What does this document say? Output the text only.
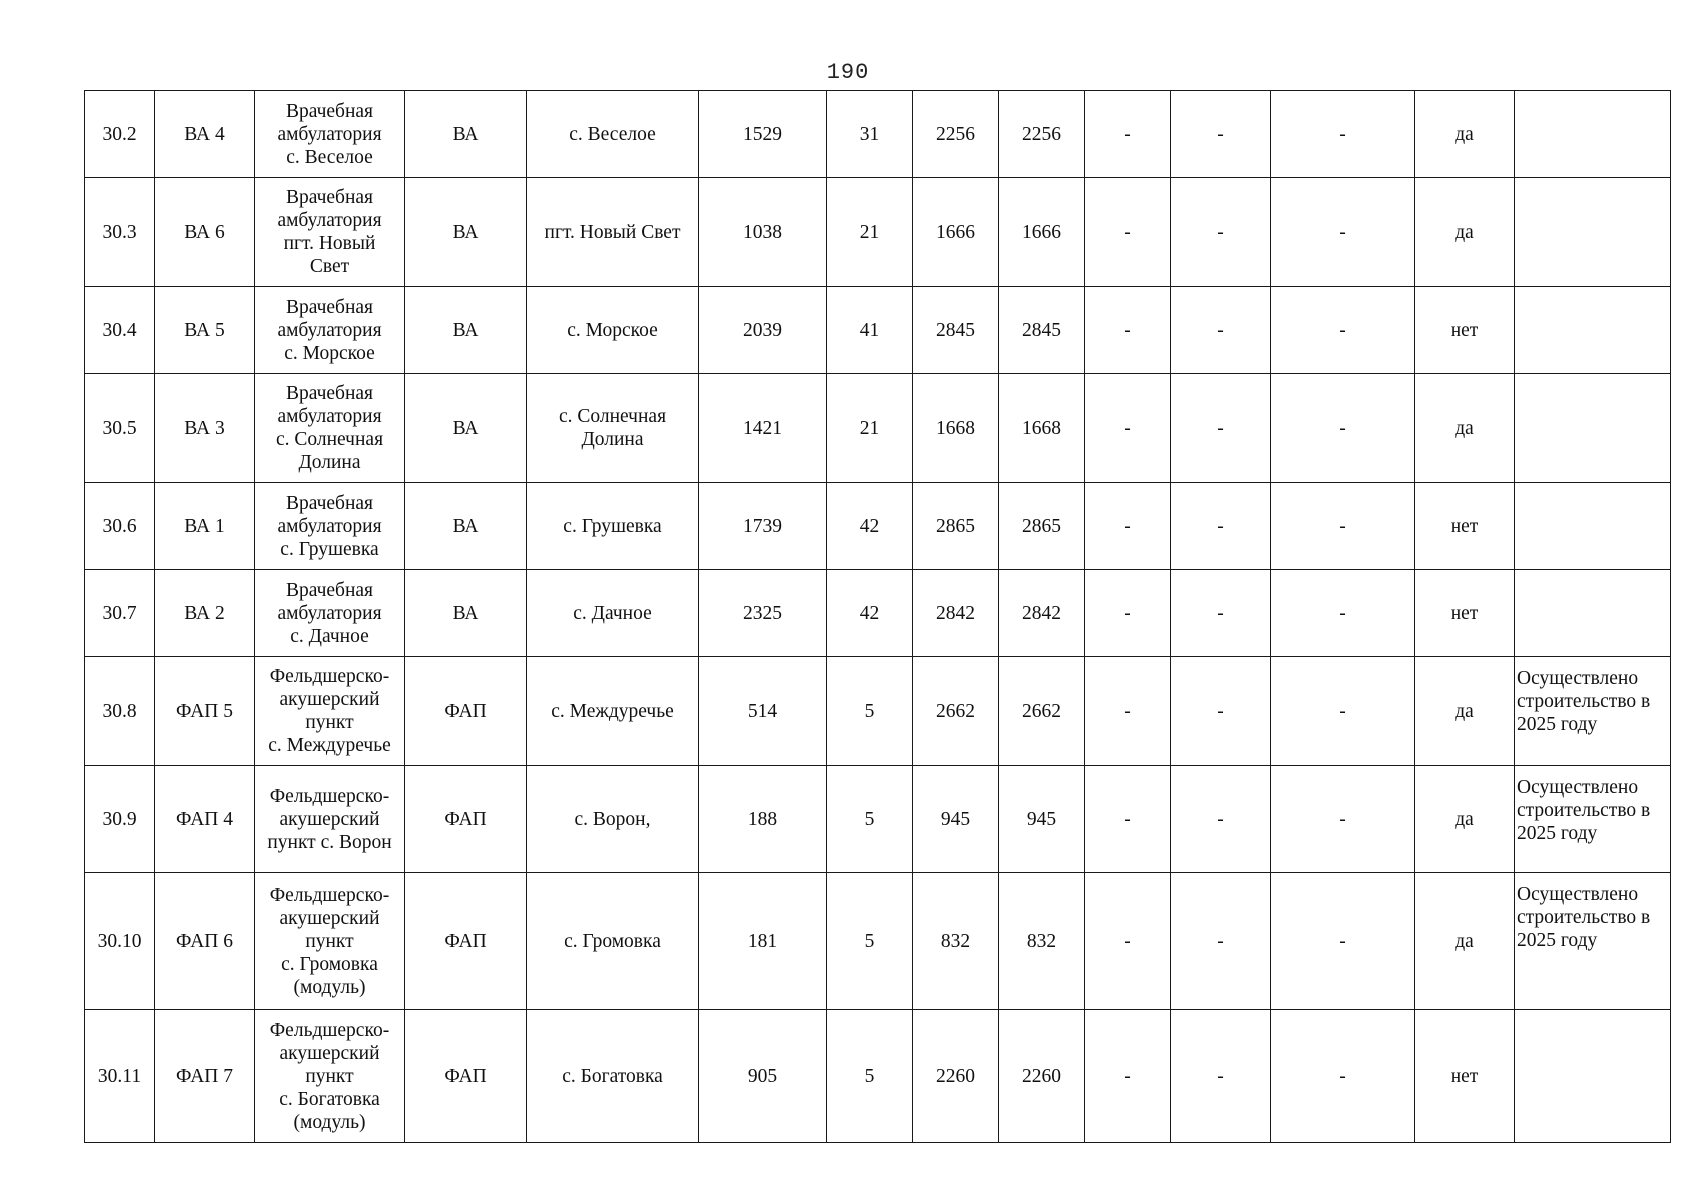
190
30.2	ВА 4	Врачебная
амбулатория
с. Веселое	ВА	с. Веселое	1529	31	2256	2256	-	-	-	да	
30.3	ВА 6	Врачебная
амбулатория
пгт. Новый
Свет	ВА	пгт. Новый Свет	1038	21	1666	1666	-	-	-	да	
30.4	ВА 5	Врачебная
амбулатория
с. Морское	ВА	с. Морское	2039	41	2845	2845	-	-	-	нет	
30.5	ВА 3	Врачебная
амбулатория
с. Солнечная
Долина	ВА	с. Солнечная
Долина	1421	21	1668	1668	-	-	-	да	
30.6	ВА 1	Врачебная
амбулатория
с. Грушевка	ВА	с. Грушевка	1739	42	2865	2865	-	-	-	нет	
30.7	ВА 2	Врачебная
амбулатория
с. Дачное	ВА	с. Дачное	2325	42	2842	2842	-	-	-	нет	
30.8	ФАП 5	Фельдшерско-
акушерский
пункт
с. Междуречье	ФАП	с. Междуречье	514	5	2662	2662	-	-	-	да	Осуществлено
строительство в
2025 году
30.9	ФАП 4	Фельдшерско-
акушерский
пункт с. Ворон	ФАП	с. Ворон,	188	5	945	945	-	-	-	да	Осуществлено
строительство в
2025 году
30.10	ФАП 6	Фельдшерско-
акушерский
пункт
с. Громовка
(модуль)	ФАП	с. Громовка	181	5	832	832	-	-	-	да	Осуществлено
строительство в
2025 году
30.11	ФАП 7	Фельдшерско-
акушерский
пункт
с. Богатовка
(модуль)	ФАП	с. Богатовка	905	5	2260	2260	-	-	-	нет	
